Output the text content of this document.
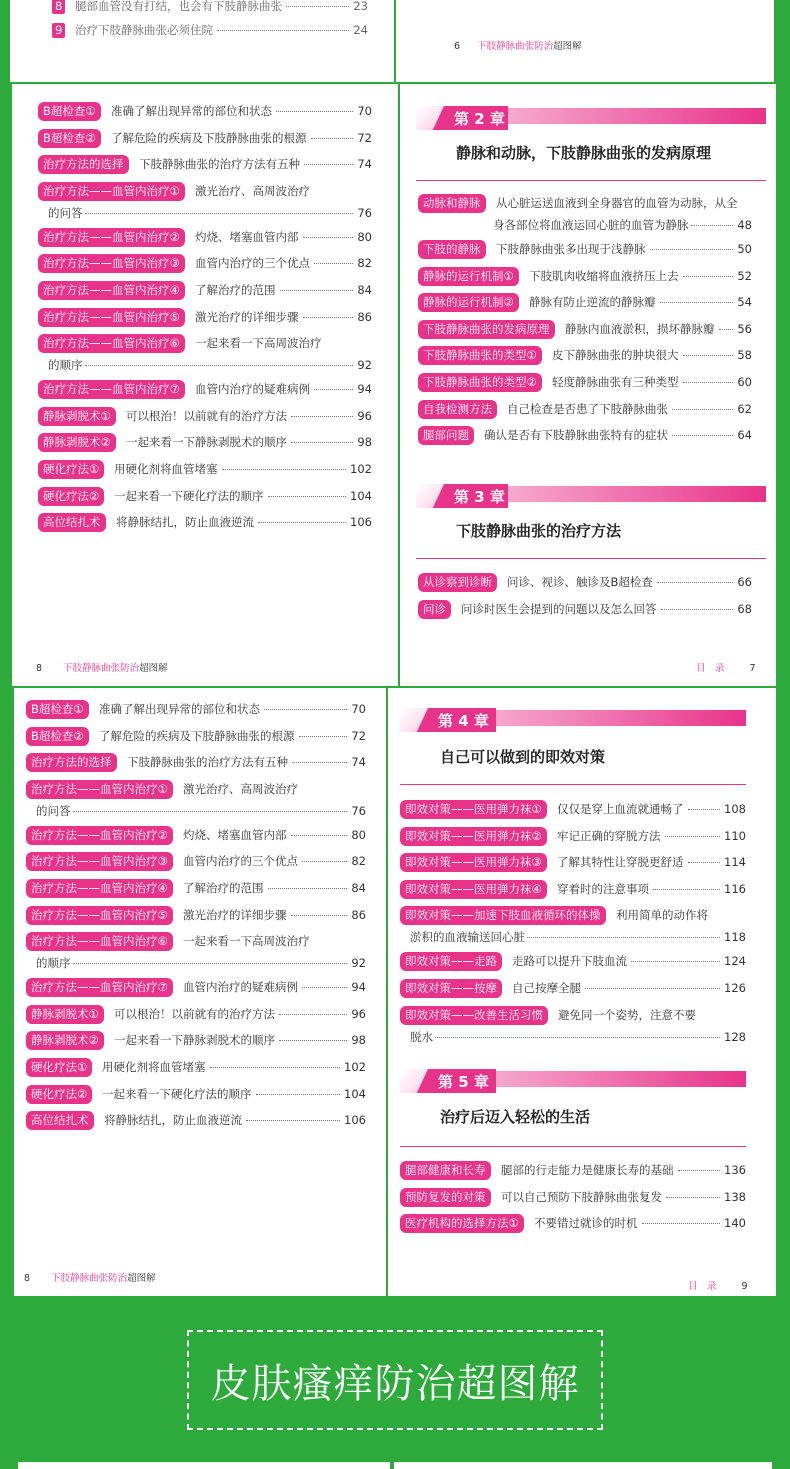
8 腿部血管没有打结，也会有下肢静脉曲张	23
9 治疗下肢静脉曲张必须住院	24
6 下肢静脉曲张防治超图解
B超检查①	准确了解出现异常的部位和状态	70
B超检查②	了解危险的疾病及下肢静脉曲张的根源	72
治疗方法的选择	下肢静脉曲张的治疗方法有五种	74
治疗方法——血管内治疗①	激光治疗、高周波治疗
的问答	76
治疗方法——血管内治疗②	灼烧、堵塞血管内部	80
治疗方法——血管内治疗③	血管内治疗的三个优点	82
治疗方法——血管内治疗④	了解治疗的范围	84
治疗方法——血管内治疗⑤	激光治疗的详细步骤	86
治疗方法——血管内治疗⑥	一起来看一下高周波治疗
的顺序	92
治疗方法——血管内治疗⑦	血管内治疗的疑难病例	94
静脉剥脱术①	可以根治！以前就有的治疗方法	96
静脉剥脱术②	一起来看一下静脉剥脱术的顺序	98
硬化疗法①	用硬化剂将血管堵塞	102
硬化疗法②	一起来看一下硬化疗法的顺序	104
高位结扎术	将静脉结扎，防止血液逆流	106
8 下肢静脉曲张防治超图解
第 2 章
静脉和动脉，下肢静脉曲张的发病原理
动脉和静脉	从心脏运送血液到全身器官的血管为动脉，从全
身各部位将血液运回心脏的血管为静脉	48
下肢的静脉	下肢静脉曲张多出现于浅静脉	50
静脉的运行机制①	下肢肌肉收缩将血液挤压上去	52
静脉的运行机制②	静脉有防止逆流的静脉瓣	54
下肢静脉曲张的发病原理	静脉内血液淤积，损坏静脉瓣 56
下肢静脉曲张的类型①	皮下静脉曲张的肿块很大	58
下肢静脉曲张的类型②	轻度静脉曲张有三种类型	60
自我检测方法	自己检查是否患了下肢静脉曲张	62
腿部问题	确认是否有下肢静脉曲张特有的症状	64
第 3 章
下肢静脉曲张的治疗方法
从诊察到诊断	问诊、视诊、触诊及B超检查	66
问诊	问诊时医生会提到的问题以及怎么回答	68
目　录	7
B超检查①	准确了解出现异常的部位和状态	70
B超检查②	了解危险的疾病及下肢静脉曲张的根源	72
治疗方法的选择	下肢静脉曲张的治疗方法有五种	74
治疗方法——血管内治疗①	激光治疗、高周波治疗
的问答	76
治疗方法——血管内治疗②	灼烧、堵塞血管内部	80
治疗方法——血管内治疗③	血管内治疗的三个优点	82
治疗方法——血管内治疗④	了解治疗的范围	84
治疗方法——血管内治疗⑤	激光治疗的详细步骤	86
治疗方法——血管内治疗⑥	一起来看一下高周波治疗
的顺序	92
治疗方法——血管内治疗⑦	血管内治疗的疑难病例	94
静脉剥脱术①	可以根治！以前就有的治疗方法	96
静脉剥脱术②	一起来看一下静脉剥脱术的顺序	98
硬化疗法①	用硬化剂将血管堵塞	102
硬化疗法②	一起来看一下硬化疗法的顺序	104
高位结扎术	将静脉结扎，防止血液逆流	106
8 下肢静脉曲张防治超图解
第 4 章
自己可以做到的即效对策
即效对策——医用弹力袜①	仅仅是穿上血流就通畅了	108
即效对策——医用弹力袜②	牢记正确的穿脱方法	110
即效对策——医用弹力袜③	了解其特性让穿脱更舒适	114
即效对策——医用弹力袜④	穿着时的注意事项	116
即效对策——加速下肢血液循环的体操	利用简单的动作将
淤积的血液输送回心脏	118
即效对策——走路	走路可以提升下肢血流	124
即效对策——按摩	自己按摩全腿	126
即效对策——改善生活习惯	避免同一个姿势，注意不要
脱水	128
第 5 章
治疗后迈入轻松的生活
腿部健康和长寿	腿部的行走能力是健康长寿的基础	136
预防复发的对策	可以自己预防下肢静脉曲张复发	138
医疗机构的选择方法①	不要错过就诊的时机	140
目　录	9
皮肤瘙痒防治超图解
